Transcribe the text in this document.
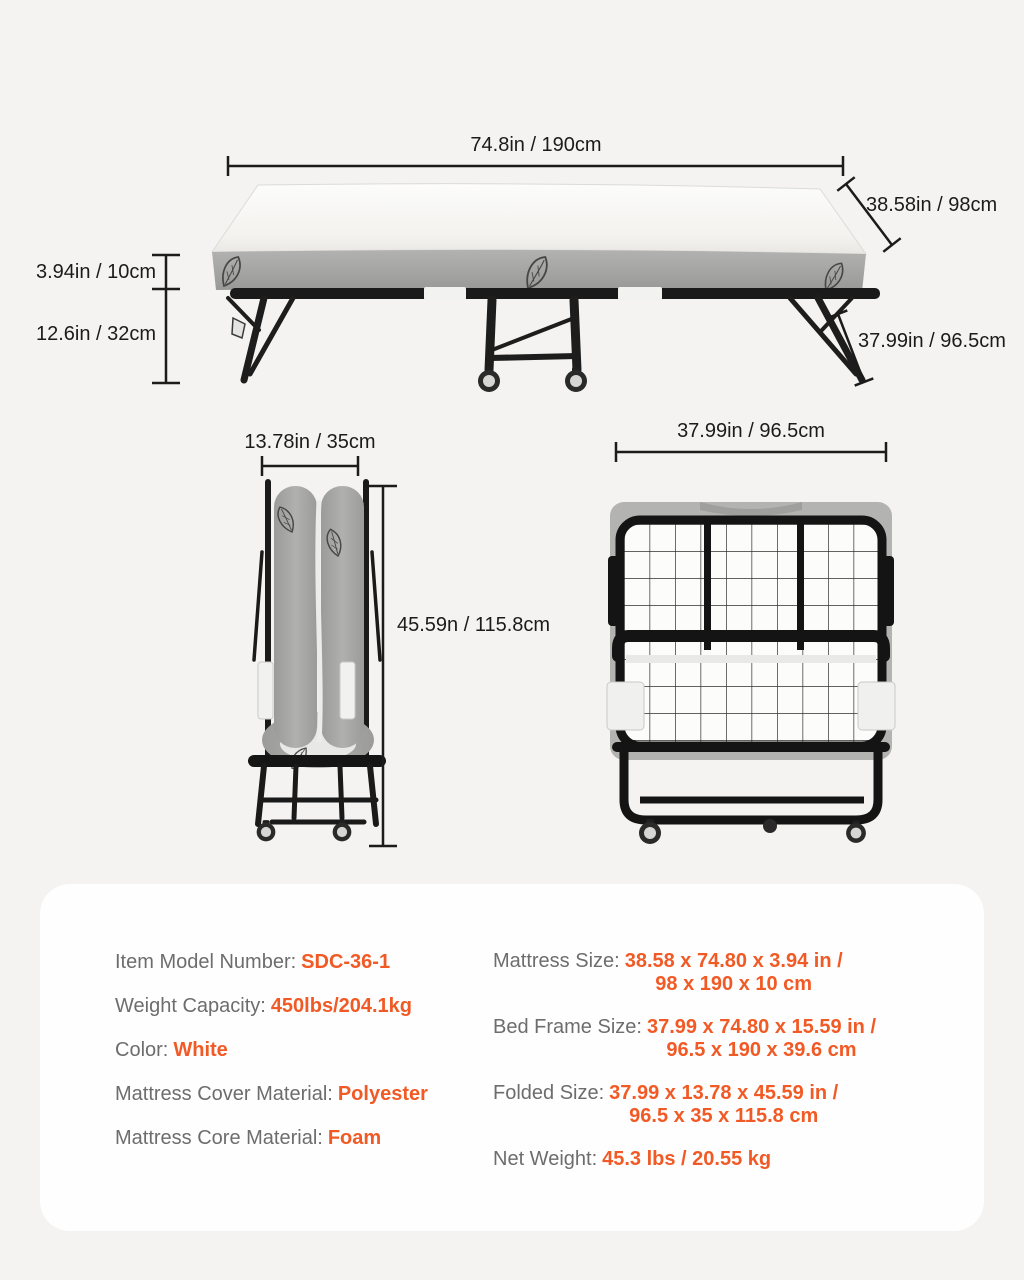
74.8in / 190cm
38.58in / 98cm
3.94in / 10cm
12.6in / 32cm	37.99in / 96.5cm
13.78in / 35cm
45.59n / 115.8cm
37.99in / 96.5cm
Item Model Number: SDC-36-1
Weight Capacity: 450lbs/204.1kg
Color: White
Mattress Cover Material: Polyester
Mattress Core Material: Foam
Mattress Size: 38.58 x 74.80 x 3.94 in /
98 x 190 x 10 cm
Bed Frame Size: 37.99 x 74.80 x 15.59 in /
96.5 x 190 x 39.6 cm
Folded Size: 37.99 x 13.78 x 45.59 in /
96.5 x 35 x 115.8 cm
Net Weight: 45.3 lbs / 20.55 kg
